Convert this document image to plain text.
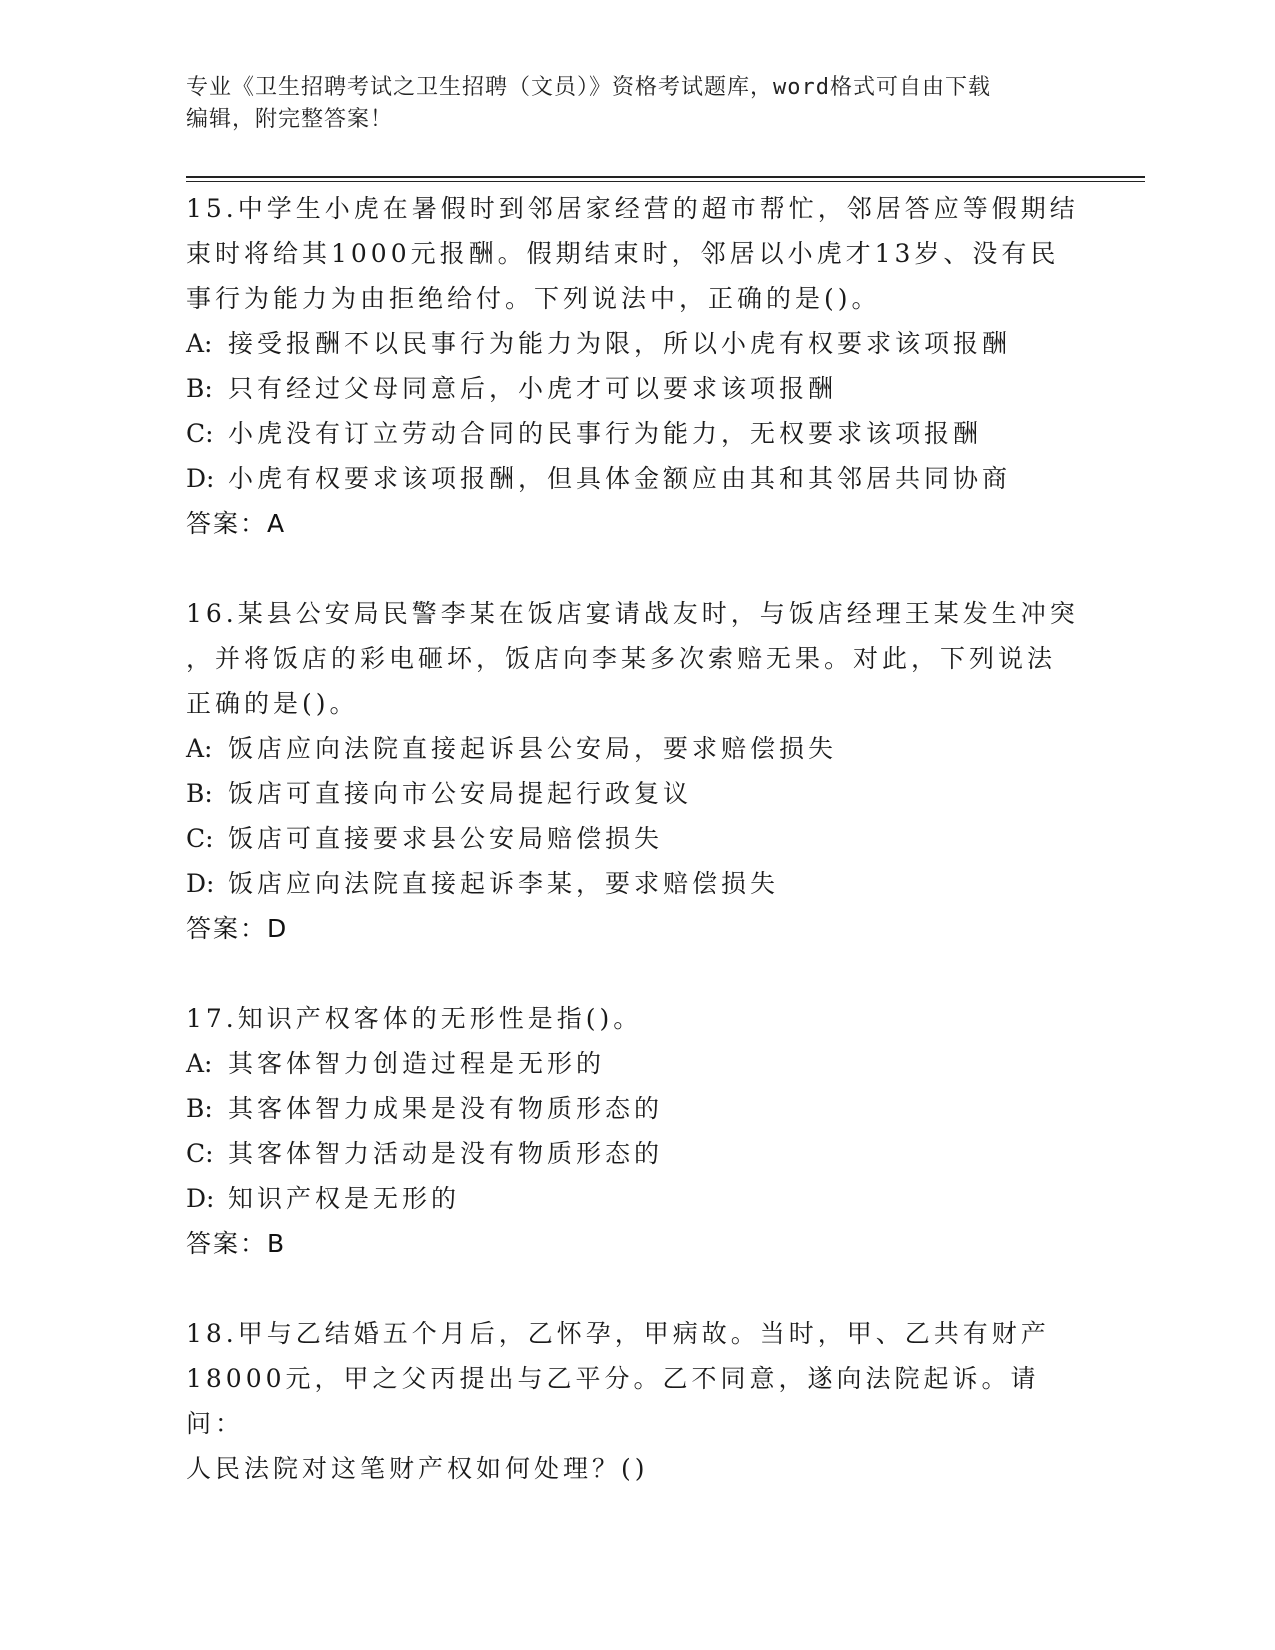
专业《卫生招聘考试之卫生招聘（文员）》资格考试题库，word格式可自由下载
编辑，附完整答案！
15.中学生小虎在暑假时到邻居家经营的超市帮忙，邻居答应等假期结
束时将给其1000元报酬。假期结束时，邻居以小虎才13岁、没有民
事行为能力为由拒绝给付。下列说法中，正确的是()。
A: 接受报酬不以民事行为能力为限，所以小虎有权要求该项报酬
B: 只有经过父母同意后，小虎才可以要求该项报酬
C: 小虎没有订立劳动合同的民事行为能力，无权要求该项报酬
D: 小虎有权要求该项报酬，但具体金额应由其和其邻居共同协商
答案：A
16.某县公安局民警李某在饭店宴请战友时，与饭店经理王某发生冲突
，并将饭店的彩电砸坏，饭店向李某多次索赔无果。对此，下列说法
正确的是()。
A: 饭店应向法院直接起诉县公安局，要求赔偿损失
B: 饭店可直接向市公安局提起行政复议
C: 饭店可直接要求县公安局赔偿损失
D: 饭店应向法院直接起诉李某，要求赔偿损失
答案：D
17.知识产权客体的无形性是指()。
A: 其客体智力创造过程是无形的
B: 其客体智力成果是没有物质形态的
C: 其客体智力活动是没有物质形态的
D: 知识产权是无形的
答案：B
18.甲与乙结婚五个月后，乙怀孕，甲病故。当时，甲、乙共有财产
18000元，甲之父丙提出与乙平分。乙不同意，遂向法院起诉。请问：
人民法院对这笔财产权如何处理？()
